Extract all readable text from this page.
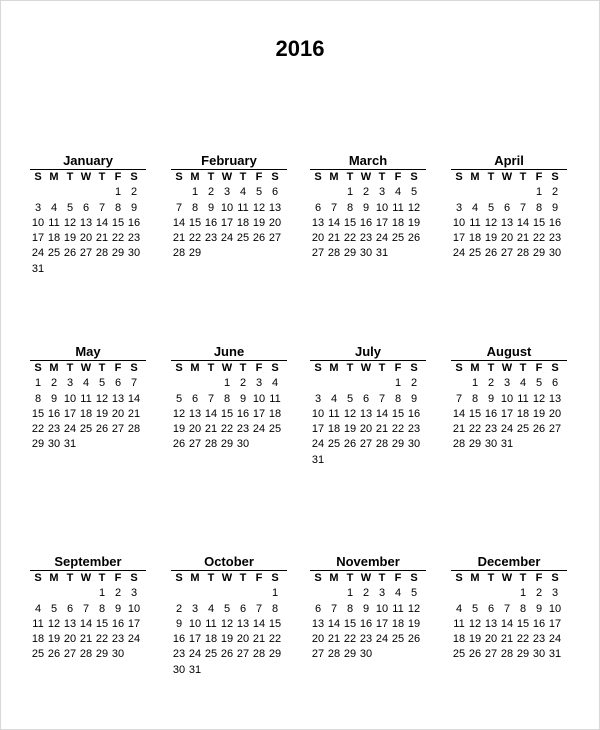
2016
January
S	M	T	W	T	F	S
					1	2
3	4	5	6	7	8	9
10	11	12	13	14	15	16
17	18	19	20	21	22	23
24	25	26	27	28	29	30
31						
February
S	M	T	W	T	F	S
	1	2	3	4	5	6
7	8	9	10	11	12	13
14	15	16	17	18	19	20
21	22	23	24	25	26	27
28	29					
March
S	M	T	W	T	F	S
		1	2	3	4	5
6	7	8	9	10	11	12
13	14	15	16	17	18	19
20	21	22	23	24	25	26
27	28	29	30	31		
April
S	M	T	W	T	F	S
					1	2
3	4	5	6	7	8	9
10	11	12	13	14	15	16
17	18	19	20	21	22	23
24	25	26	27	28	29	30
May
S	M	T	W	T	F	S
1	2	3	4	5	6	7
8	9	10	11	12	13	14
15	16	17	18	19	20	21
22	23	24	25	26	27	28
29	30	31				
June
S	M	T	W	T	F	S
			1	2	3	4
5	6	7	8	9	10	11
12	13	14	15	16	17	18
19	20	21	22	23	24	25
26	27	28	29	30		
July
S	M	T	W	T	F	S
					1	2
3	4	5	6	7	8	9
10	11	12	13	14	15	16
17	18	19	20	21	22	23
24	25	26	27	28	29	30
31						
August
S	M	T	W	T	F	S
	1	2	3	4	5	6
7	8	9	10	11	12	13
14	15	16	17	18	19	20
21	22	23	24	25	26	27
28	29	30	31			
September
S	M	T	W	T	F	S
				1	2	3
4	5	6	7	8	9	10
11	12	13	14	15	16	17
18	19	20	21	22	23	24
25	26	27	28	29	30	
October
S	M	T	W	T	F	S
						1
2	3	4	5	6	7	8
9	10	11	12	13	14	15
16	17	18	19	20	21	22
23	24	25	26	27	28	29
30	31					
November
S	M	T	W	T	F	S
		1	2	3	4	5
6	7	8	9	10	11	12
13	14	15	16	17	18	19
20	21	22	23	24	25	26
27	28	29	30			
December
S	M	T	W	T	F	S
				1	2	3
4	5	6	7	8	9	10
11	12	13	14	15	16	17
18	19	20	21	22	23	24
25	26	27	28	29	30	31
